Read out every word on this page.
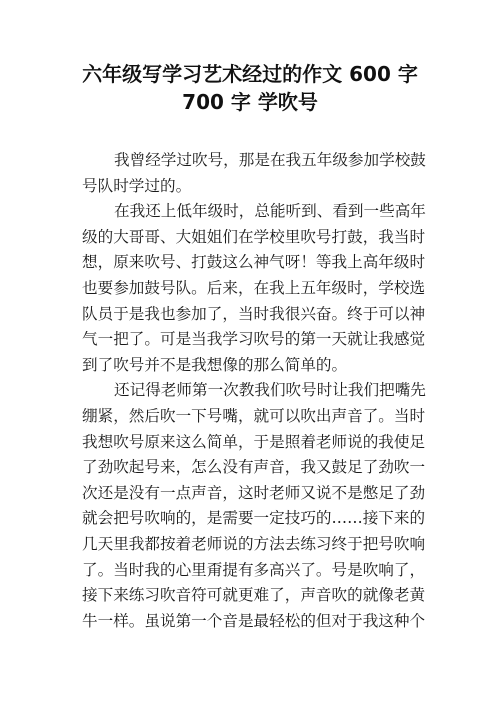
六年级写学习艺术经过的作文 600 字
700 字 学吹号

我曾经学过吹号，那是在我五年级参加学校鼓
号队时学过的。

在我还上低年级时，总能听到、看到一些高年
级的大哥哥、大姐姐们在学校里吹号打鼓，我当时
想，原来吹号、打鼓这么神气呀！等我上高年级时
也要参加鼓号队。后来，在我上五年级时，学校选
队员于是我也参加了，当时我很兴奋。终于可以神
气一把了。可是当我学习吹号的第一天就让我感觉
到了吹号并不是我想像的那么简单的。

还记得老师第一次教我们吹号时让我们把嘴先
绷紧，然后吹一下号嘴，就可以吹出声音了。当时
我想吹号原来这么简单，于是照着老师说的我使足
了劲吹起号来，怎么没有声音，我又鼓足了劲吹一
次还是没有一点声音，这时老师又说不是憋足了劲
就会把号吹响的，是需要一定技巧的……接下来的
几天里我都按着老师说的方法去练习终于把号吹响
了。当时我的心里甭提有多高兴了。号是吹响了，
接下来练习吹音符可就更难了，声音吹的就像老黄
牛一样。虽说第一个音是最轻松的但对于我这种个
